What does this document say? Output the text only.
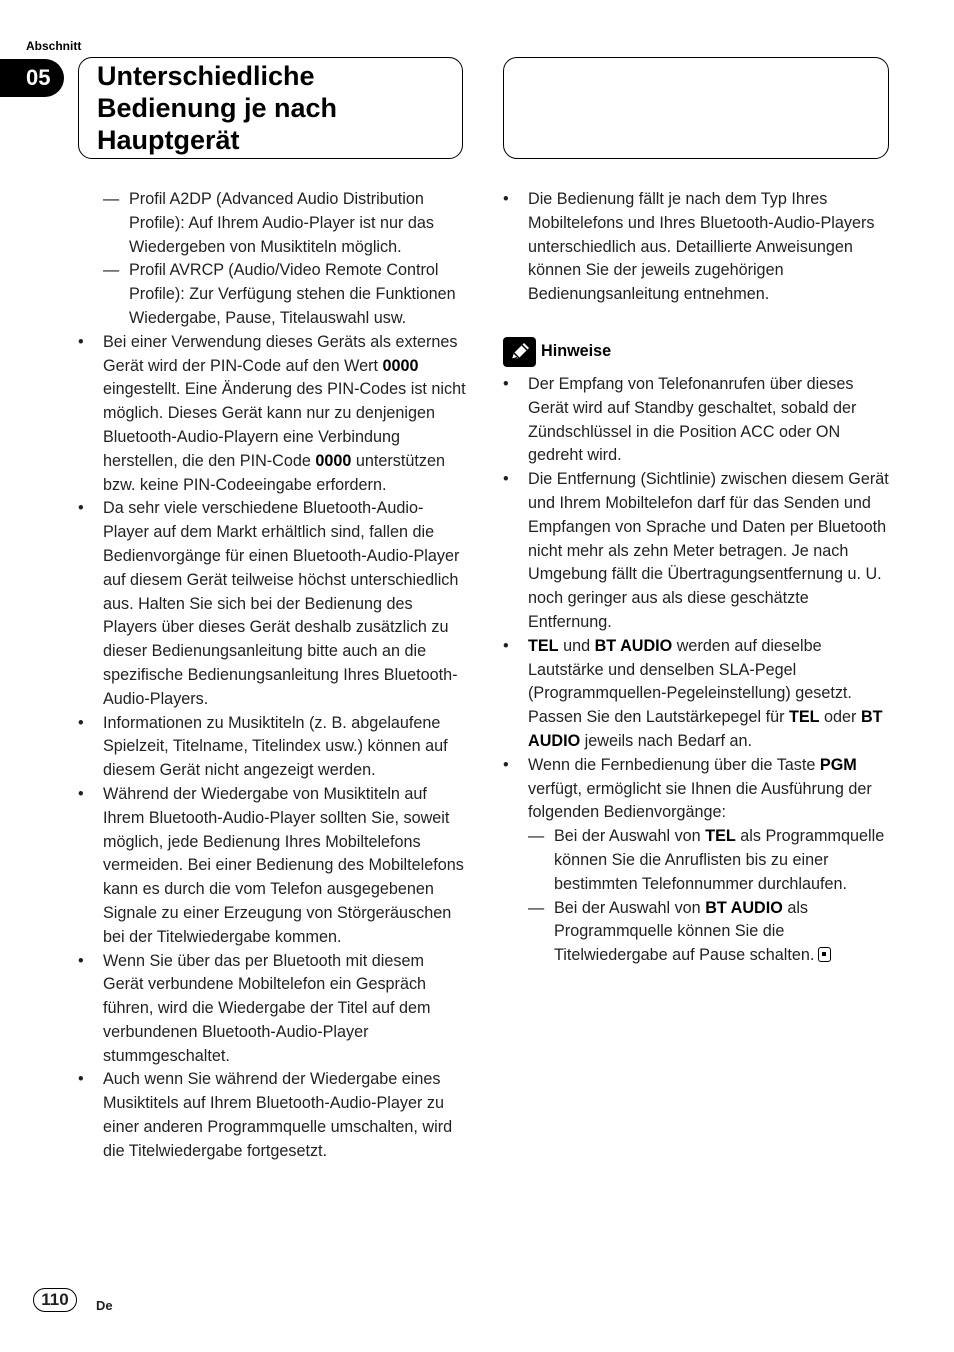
Abschnitt
05	Unterschiedliche Bedienung je nach Hauptgerät

— Profil A2DP (Advanced Audio Distribution Profile): Auf Ihrem Audio-Player ist nur das Wiedergeben von Musiktiteln möglich.

— Profil AVRCP (Audio/Video Remote Control Profile): Zur Verfügung stehen die Funktionen Wiedergabe, Pause, Titelauswahl usw.

• Bei einer Verwendung dieses Geräts als externes Gerät wird der PIN-Code auf den Wert 0000 eingestellt. Eine Änderung des PIN-Codes ist nicht möglich. Dieses Gerät kann nur zu denjenigen Bluetooth-Audio-Playern eine Verbindung herstellen, die den PIN-Code 0000 unterstützen bzw. keine PIN-Codeeingabe erfordern.

• Da sehr viele verschiedene Bluetooth-Audio-Player auf dem Markt erhältlich sind, fallen die Bedienvorgänge für einen Bluetooth-Audio-Player auf diesem Gerät teilweise höchst unterschiedlich aus. Halten Sie sich bei der Bedienung des Players über dieses Gerät deshalb zusätzlich zu dieser Bedienungsanleitung bitte auch an die spezifische Bedienungsanleitung Ihres Bluetooth-Audio-Players.

• Informationen zu Musiktiteln (z. B. abgelaufene Spielzeit, Titelname, Titelindex usw.) können auf diesem Gerät nicht angezeigt werden.

• Während der Wiedergabe von Musiktiteln auf Ihrem Bluetooth-Audio-Player sollten Sie, soweit möglich, jede Bedienung Ihres Mobiltelefons vermeiden. Bei einer Bedienung des Mobiltelefons kann es durch die vom Telefon ausgegebenen Signale zu einer Erzeugung von Störgeräuschen bei der Titelwiedergabe kommen.

• Wenn Sie über das per Bluetooth mit diesem Gerät verbundene Mobiltelefon ein Gespräch führen, wird die Wiedergabe der Titel auf dem verbundenen Bluetooth-Audio-Player stummgeschaltet.

• Auch wenn Sie während der Wiedergabe eines Musiktitels auf Ihrem Bluetooth-Audio-Player zu einer anderen Programmquelle umschalten, wird die Titelwiedergabe fortgesetzt.

• Die Bedienung fällt je nach dem Typ Ihres Mobiltelefons und Ihres Bluetooth-Audio-Players unterschiedlich aus. Detaillierte Anweisungen können Sie der jeweils zugehörigen Bedienungsanleitung entnehmen.

Hinweise

• Der Empfang von Telefonanrufen über dieses Gerät wird auf Standby geschaltet, sobald der Zündschlüssel in die Position ACC oder ON gedreht wird.

• Die Entfernung (Sichtlinie) zwischen diesem Gerät und Ihrem Mobiltelefon darf für das Senden und Empfangen von Sprache und Daten per Bluetooth nicht mehr als zehn Meter betragen. Je nach Umgebung fällt die Übertragungsentfernung u. U. noch geringer aus als diese geschätzte Entfernung.

• TEL und BT AUDIO werden auf dieselbe Lautstärke und denselben SLA-Pegel (Programmquellen-Pegeleinstellung) gesetzt. Passen Sie den Lautstärkepegel für TEL oder BT AUDIO jeweils nach Bedarf an.

• Wenn die Fernbedienung über die Taste PGM verfügt, ermöglicht sie Ihnen die Ausführung der folgenden Bedienvorgänge:

— Bei der Auswahl von TEL als Programmquelle können Sie die Anruflisten bis zu einer bestimmten Telefonnummer durchlaufen.

— Bei der Auswahl von BT AUDIO als Programmquelle können Sie die Titelwiedergabe auf Pause schalten.

110	De
